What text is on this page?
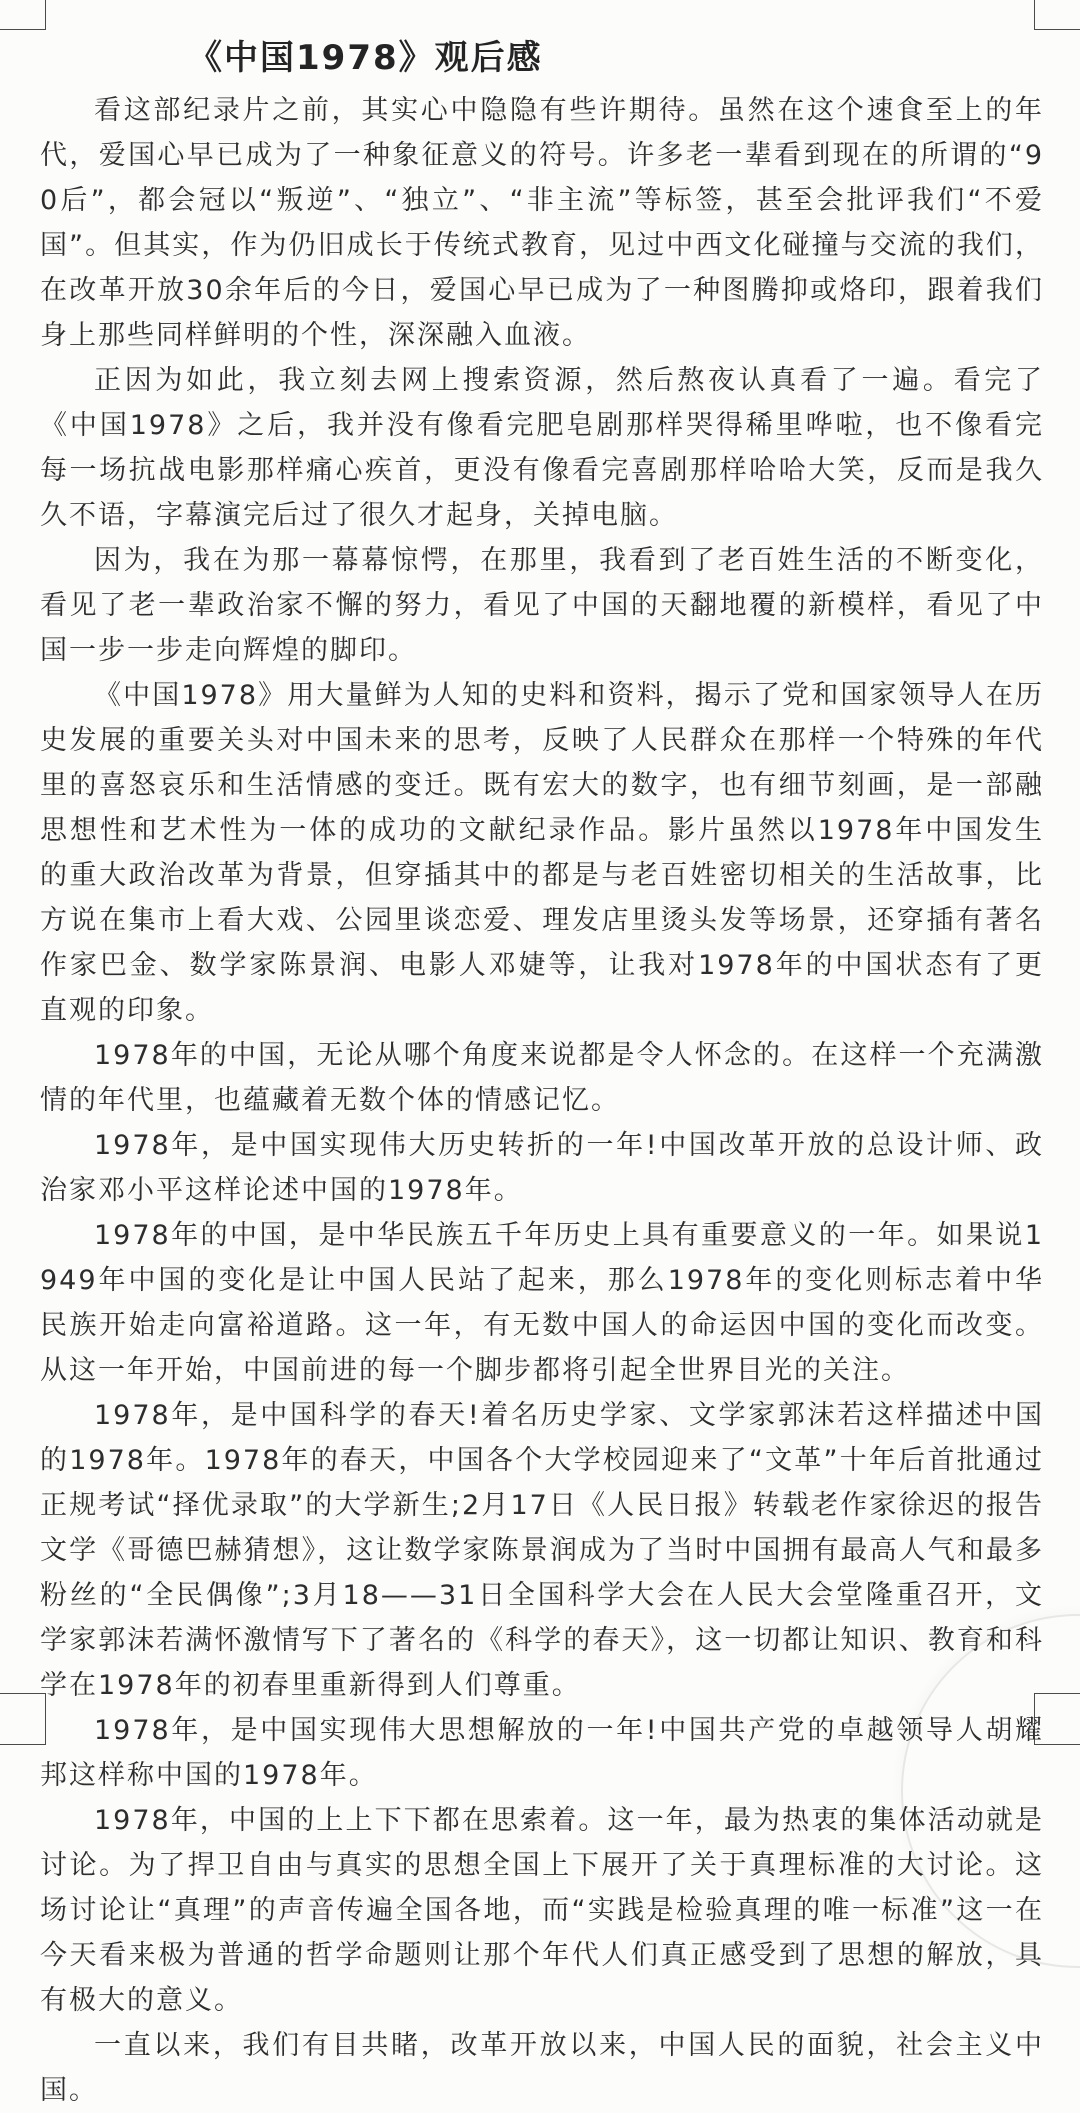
《中国1978》观后感

看这部纪录片之前，其实心中隐隐有些许期待。虽然在这个速食至上的年代，爱国心早已成为了一种象征意义的符号。许多老一辈看到现在的所谓的“90后”，都会冠以“叛逆”、“独立”、“非主流”等标签，甚至会批评我们“不爱国”。但其实，作为仍旧成长于传统式教育，见过中西文化碰撞与交流的我们，在改革开放30余年后的今日，爱国心早已成为了一种图腾抑或烙印，跟着我们身上那些同样鲜明的个性，深深融入血液。

正因为如此，我立刻去网上搜索资源，然后熬夜认真看了一遍。看完了《中国1978》之后，我并没有像看完肥皂剧那样哭得稀里哗啦，也不像看完每一场抗战电影那样痛心疾首，更没有像看完喜剧那样哈哈大笑，反而是我久久不语，字幕演完后过了很久才起身，关掉电脑。

因为，我在为那一幕幕惊愕，在那里，我看到了老百姓生活的不断变化，看见了老一辈政治家不懈的努力，看见了中国的天翻地覆的新模样，看见了中国一步一步走向辉煌的脚印。

《中国1978》用大量鲜为人知的史料和资料，揭示了党和国家领导人在历史发展的重要关头对中国未来的思考，反映了人民群众在那样一个特殊的年代里的喜怒哀乐和生活情感的变迁。既有宏大的数字，也有细节刻画，是一部融思想性和艺术性为一体的成功的文献纪录作品。影片虽然以1978年中国发生的重大政治改革为背景，但穿插其中的都是与老百姓密切相关的生活故事，比方说在集市上看大戏、公园里谈恋爱、理发店里烫头发等场景，还穿插有著名作家巴金、数学家陈景润、电影人邓婕等，让我对1978年的中国状态有了更直观的印象。

1978年的中国，无论从哪个角度来说都是令人怀念的。在这样一个充满激情的年代里，也蕴藏着无数个体的情感记忆。

1978年，是中国实现伟大历史转折的一年!中国改革开放的总设计师、政治家邓小平这样论述中国的1978年。

1978年的中国，是中华民族五千年历史上具有重要意义的一年。如果说1949年中国的变化是让中国人民站了起来，那么1978年的变化则标志着中华民族开始走向富裕道路。这一年，有无数中国人的命运因中国的变化而改变。从这一年开始，中国前进的每一个脚步都将引起全世界目光的关注。

1978年，是中国科学的春天!着名历史学家、文学家郭沫若这样描述中国的1978年。1978年的春天，中国各个大学校园迎来了“文革”十年后首批通过正规考试“择优录取”的大学新生;2月17日《人民日报》转载老作家徐迟的报告文学《哥德巴赫猜想》，这让数学家陈景润成为了当时中国拥有最高人气和最多粉丝的“全民偶像”;3月18——31日全国科学大会在人民大会堂隆重召开，文学家郭沫若满怀激情写下了著名的《科学的春天》，这一切都让知识、教育和科学在1978年的初春里重新得到人们尊重。

1978年，是中国实现伟大思想解放的一年!中国共产党的卓越领导人胡耀邦这样称中国的1978年。

1978年，中国的上上下下都在思索着。这一年，最为热衷的集体活动就是讨论。为了捍卫自由与真实的思想全国上下展开了关于真理标准的大讨论。这场讨论让“真理”的声音传遍全国各地，而“实践是检验真理的唯一标准”这一在今天看来极为普通的哲学命题则让那个年代人们真正感受到了思想的解放，具有极大的意义。

一直以来，我们有目共睹，改革开放以来，中国人民的面貌，社会主义中国。
